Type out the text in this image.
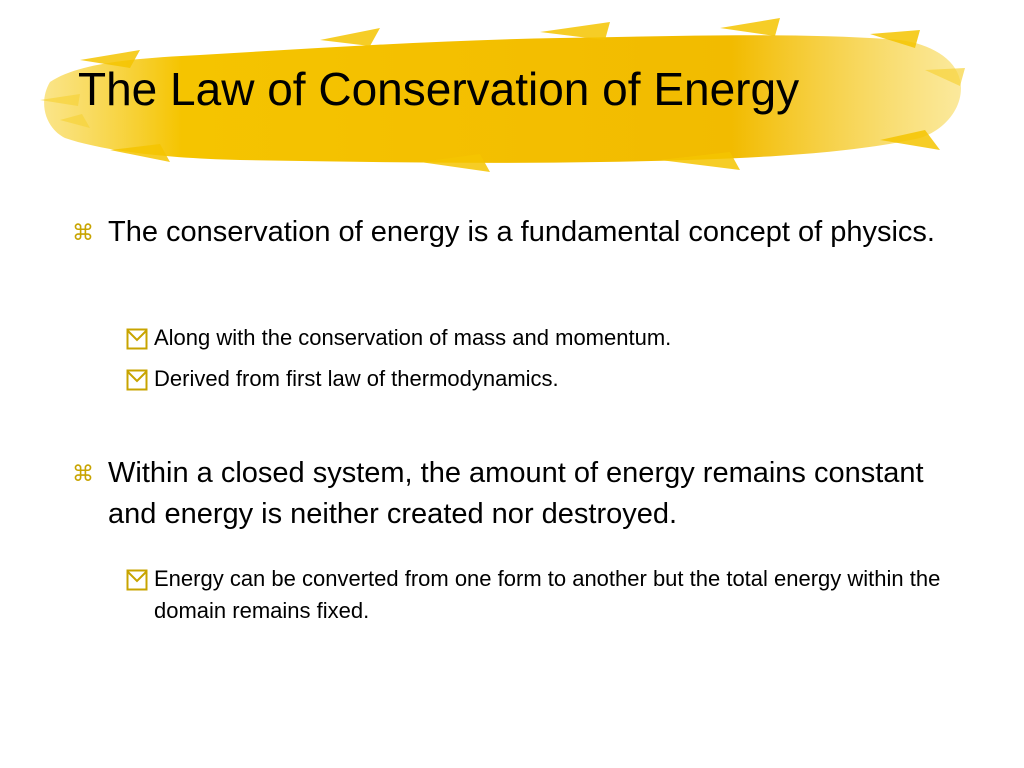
The Law of Conservation of Energy
⌘ The conservation of energy is a fundamental concept of physics.
Along with the conservation of mass and momentum.
Derived from first law of thermodynamics.
⌘ Within a closed system, the amount of energy remains constant and energy is neither created nor destroyed.
Energy can be converted from one form to another but the total energy within the domain remains fixed.
